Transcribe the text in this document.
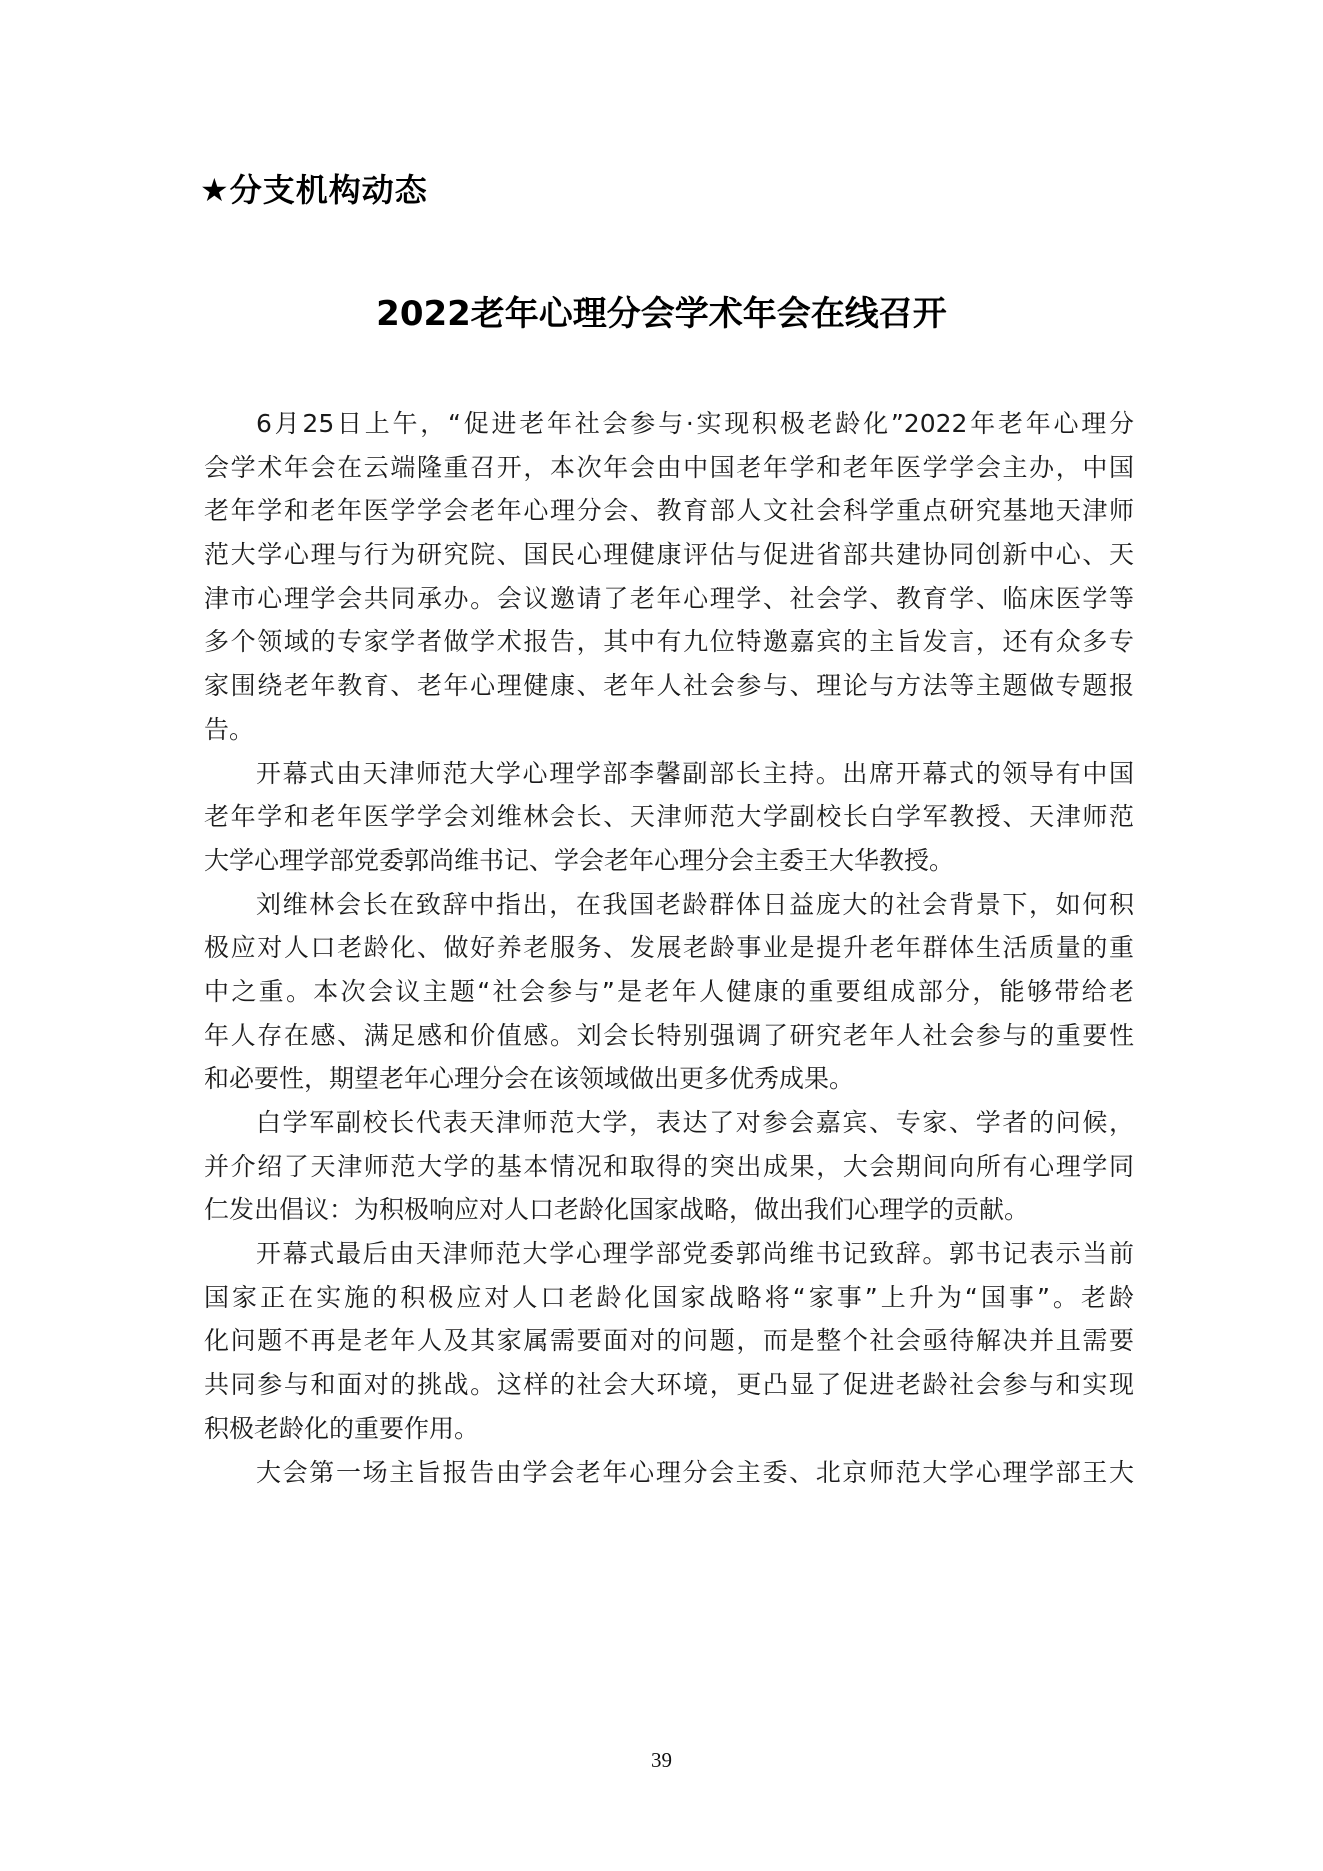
★分支机构动态
2022老年心理分会学术年会在线召开
6月25日上午，“促进老年社会参与·实现积极老龄化”2022年老年心理分
会学术年会在云端隆重召开，本次年会由中国老年学和老年医学学会主办，中国
老年学和老年医学学会老年心理分会、教育部人文社会科学重点研究基地天津师
范大学心理与行为研究院、国民心理健康评估与促进省部共建协同创新中心、天
津市心理学会共同承办。会议邀请了老年心理学、社会学、教育学、临床医学等
多个领域的专家学者做学术报告，其中有九位特邀嘉宾的主旨发言，还有众多专
家围绕老年教育、老年心理健康、老年人社会参与、理论与方法等主题做专题报
告。
开幕式由天津师范大学心理学部李馨副部长主持。出席开幕式的领导有中国
老年学和老年医学学会刘维林会长、天津师范大学副校长白学军教授、天津师范
大学心理学部党委郭尚维书记、学会老年心理分会主委王大华教授。
刘维林会长在致辞中指出，在我国老龄群体日益庞大的社会背景下，如何积
极应对人口老龄化、做好养老服务、发展老龄事业是提升老年群体生活质量的重
中之重。本次会议主题“社会参与”是老年人健康的重要组成部分，能够带给老
年人存在感、满足感和价值感。刘会长特别强调了研究老年人社会参与的重要性
和必要性，期望老年心理分会在该领域做出更多优秀成果。
白学军副校长代表天津师范大学，表达了对参会嘉宾、专家、学者的问候，
并介绍了天津师范大学的基本情况和取得的突出成果，大会期间向所有心理学同
仁发出倡议：为积极响应对人口老龄化国家战略，做出我们心理学的贡献。
开幕式最后由天津师范大学心理学部党委郭尚维书记致辞。郭书记表示当前
国家正在实施的积极应对人口老龄化国家战略将“家事”上升为“国事”。老龄
化问题不再是老年人及其家属需要面对的问题，而是整个社会亟待解决并且需要
共同参与和面对的挑战。这样的社会大环境，更凸显了促进老龄社会参与和实现
积极老龄化的重要作用。
大会第一场主旨报告由学会老年心理分会主委、北京师范大学心理学部王大
39
